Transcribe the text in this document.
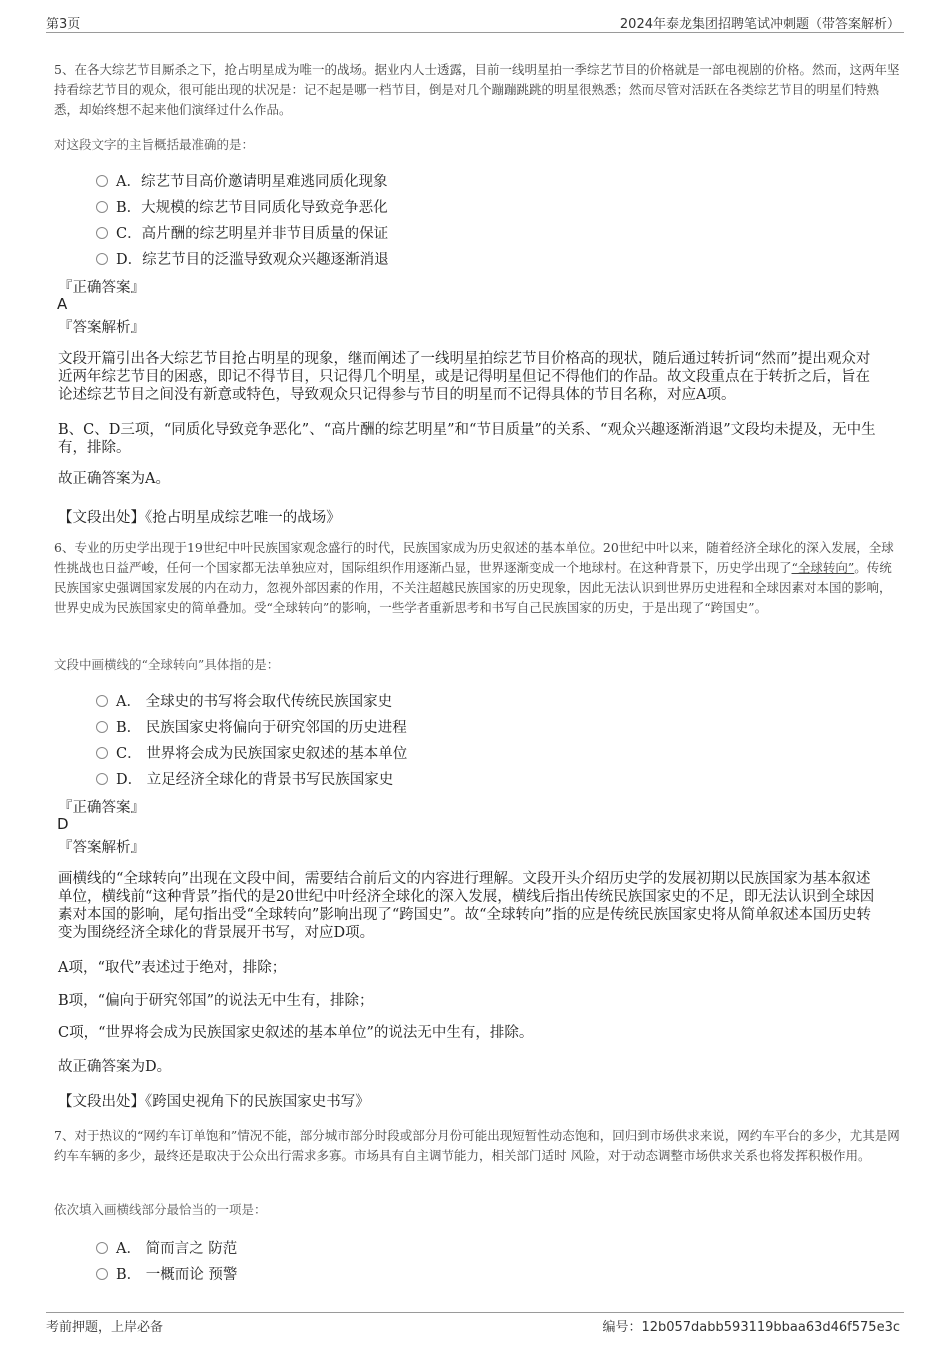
第3页	2024年泰龙集团招聘笔试冲刺题（带答案解析）
5、在各大综艺节目厮杀之下，抢占明星成为唯一的战场。据业内人士透露，目前一线明星拍一季综艺节目的价格就是一部电视剧的价格。然而，这两年坚持看综艺节目的观众，很可能出现的状况是：记不起是哪一档节目，倒是对几个蹦蹦跳跳的明星很熟悉；然而尽管对活跃在各类综艺节目的明星们特熟悉，却始终想不起来他们演绎过什么作品。
对这段文字的主旨概括最准确的是：
A．综艺节目高价邀请明星难逃同质化现象
B．大规模的综艺节目同质化导致竞争恶化
C．高片酬的综艺明星并非节目质量的保证
D．综艺节目的泛滥导致观众兴趣逐渐消退
『正确答案』
A
『答案解析』
文段开篇引出各大综艺节目抢占明星的现象，继而阐述了一线明星拍综艺节目价格高的现状，随后通过转折词“然而”提出观众对近两年综艺节目的困惑，即记不得节目，只记得几个明星，或是记得明星但记不得他们的作品。故文段重点在于转折之后，旨在论述综艺节目之间没有新意或特色，导致观众只记得参与节目的明星而不记得具体的节目名称，对应A项。
B、C、D三项，“同质化导致竞争恶化”、“高片酬的综艺明星”和“节目质量”的关系、“观众兴趣逐渐消退”文段均未提及，无中生有，排除。
故正确答案为A。
【文段出处】《抢占明星成综艺唯一的战场》
6、专业的历史学出现于19世纪中叶民族国家观念盛行的时代，民族国家成为历史叙述的基本单位。20世纪中叶以来，随着经济全球化的深入发展，全球性挑战也日益严峻，任何一个国家都无法单独应对，国际组织作用逐渐凸显，世界逐渐变成一个地球村。在这种背景下，历史学出现了“全球转向”。传统民族国家史强调国家发展的内在动力，忽视外部因素的作用，不关注超越民族国家的历史现象，因此无法认识到世界历史进程和全球因素对本国的影响，世界史成为民族国家史的简单叠加。受“全球转向”的影响，一些学者重新思考和书写自己民族国家的历史，于是出现了“跨国史”。
文段中画横线的“全球转向”具体指的是：
A． 全球史的书写将会取代传统民族国家史
B． 民族国家史将偏向于研究邻国的历史进程
C． 世界将会成为民族国家史叙述的基本单位
D． 立足经济全球化的背景书写民族国家史
『正确答案』
D
『答案解析』
画横线的“全球转向”出现在文段中间，需要结合前后文的内容进行理解。文段开头介绍历史学的发展初期以民族国家为基本叙述单位，横线前“这种背景”指代的是20世纪中叶经济全球化的深入发展，横线后指出传统民族国家史的不足，即无法认识到全球因素对本国的影响，尾句指出受“全球转向”影响出现了“跨国史”。故“全球转向”指的应是传统民族国家史将从简单叙述本国历史转变为围绕经济全球化的背景展开书写，对应D项。
A项，“取代”表述过于绝对，排除；
B项，“偏向于研究邻国”的说法无中生有，排除；
C项，“世界将会成为民族国家史叙述的基本单位”的说法无中生有，排除。
故正确答案为D。
【文段出处】《跨国史视角下的民族国家史书写》
7、对于热议的“网约车订单饱和”情况不能，部分城市部分时段或部分月份可能出现短暂性动态饱和，回归到市场供求来说，网约车平台的多少，尤其是网约车车辆的多少，最终还是取决于公众出行需求多寡。市场具有自主调节能力，相关部门适时 风险，对于动态调整市场供求关系也将发挥积极作用。
依次填入画横线部分最恰当的一项是：
A． 简而言之 防范
B． 一概而论 预警
考前押题，上岸必备	编号：12b057dabb593119bbaa63d46f575e3c
